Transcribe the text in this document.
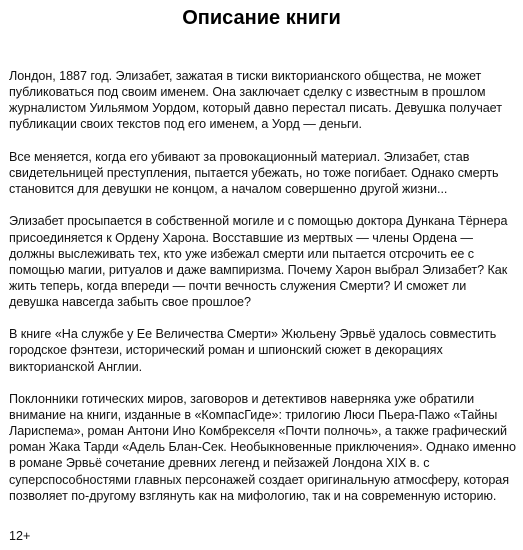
Описание книги

Лондон, 1887 год. Элизабет, зажатая в тиски викторианского общества, не может публиковаться под своим именем. Она заключает сделку с известным в прошлом журналистом Уильямом Уордом, который давно перестал писать. Девушка получает публикации своих текстов под его именем, а Уорд — деньги.

Все меняется, когда его убивают за провокационный материал. Элизабет, став свидетельницей преступления, пытается убежать, но тоже погибает. Однако смерть становится для девушки не концом, а началом совершенно другой жизни...

Элизабет просыпается в собственной могиле и с помощью доктора Дункана Тёрнера присоединяется к Ордену Харона. Восставшие из мертвых — члены Ордена — должны выслеживать тех, кто уже избежал смерти или пытается отсрочить ее с помощью магии, ритуалов и даже вампиризма. Почему Харон выбрал Элизабет? Как жить теперь, когда впереди — почти вечность служения Смерти? И сможет ли девушка навсегда забыть свое прошлое?

В книге «На службе у Ее Величества Смерти» Жюльену Эрвьё удалось совместить городское фэнтези, исторический роман и шпионский сюжет в декорациях викторианской Англии.

Поклонники готических миров, заговоров и детективов наверняка уже обратили внимание на книги, изданные в «КомпасГиде»: трилогию Люси Пьера-Пажо «Тайны Лариспема», роман Антони Ино Комбрекселя «Почти полночь», а также графический роман Жака Тарди «Адель Блан-Сек. Необыкновенные приключения». Однако именно в романе Эрвьё сочетание древних легенд и пейзажей Лондона XIX в. с суперспособностями главных персонажей создает оригинальную атмосферу, которая позволяет по-другому взглянуть как на мифологию, так и на современную историю.

12+
